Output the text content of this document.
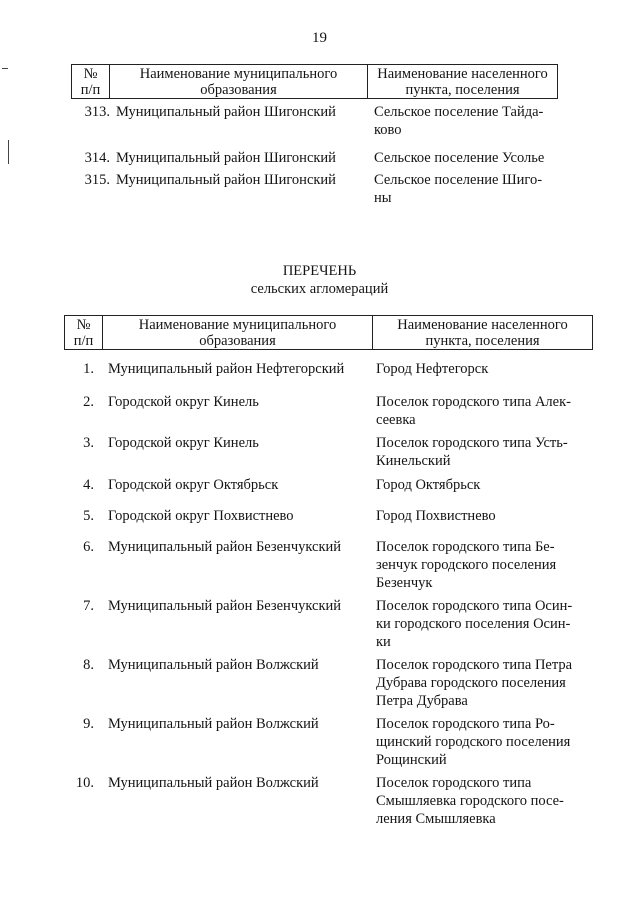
19
№
п/п

Наименование муниципального
образования

Наименование населенного
пункта, поселения
313. Муниципальный район Шигонский	Сельское поселение Тайда-
ково
314. Муниципальный район Шигонский	Сельское поселение Усолье
315. Муниципальный район Шигонский	Сельское поселение Шиго-
ны
ПЕРЕЧЕНЬ
сельских агломераций
№
п/п

Наименование муниципального
образования

Наименование населенного
пункта, поселения
1. Муниципальный район Нефтегорский Город Нефтегорск
2. Городской округ Кинель	Поселок городского типа Алек-
сеевка
3. Городской округ Кинель	Поселок городского типа Усть-
Кинельский
4. Городской округ Октябрьск	Город Октябрьск
5. Городской округ Похвистнево	Город Похвистнево
6. Муниципальный район Безенчукский Поселок городского типа Бе-
зенчук городского поселения
Безенчук
7. Муниципальный район Безенчукский Поселок городского типа Осин-
ки городского поселения Осин-
ки
8. Муниципальный район Волжский	Поселок городского типа Петра
Дубрава городского поселения
Петра Дубрава
9. Муниципальный район Волжский	Поселок городского типа Ро-
щинский городского поселения
Рощинский
10. Муниципальный район Волжский	Поселок городского типа
Смышляевка городского посе-
ления Смышляевка
